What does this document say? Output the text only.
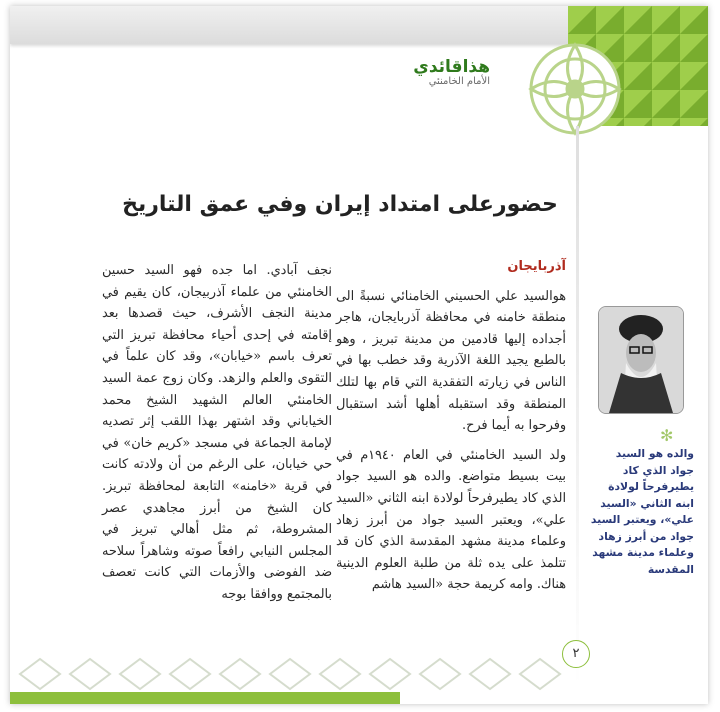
هذاقائدي
الأمام الخامنئي
حضورعلى امتداد إيران وفي عمق التاريخ
آذربايجان

هوالسيد علي الحسيني الخامنائي نسبةً الى منطقة خامنه في محافظة آذربايجان، هاجر أجداده إليها قادمين من مدينة تبريز ، وهو بالطبع يجيد اللغة الآذرية وقد خطب بها في الناس في زيارته التفقدية التي قام بها لتلك المنطقة وقد استقبله أهلها أشد استقبال وفرحوا به أيما فرح.

ولد السيد الخامنئي في العام ١٩٤٠م في بيت بسيط متواضع. والده هو السيد جواد الذي كاد يطيرفرحاً لولادة ابنه الثاني «السيد علي»، ويعتبر السيد جواد من أبرز زهاد وعلماء مدينة مشهد المقدسة الذي كان قد تتلمذ على يده ثلة من طلبة العلوم الدينية هناك. وامه كريمة حجة «السيد هاشم

نجف آبادي. اما جده فهو السيد حسين الخامنئي من علماء آذربيجان، كان يقيم في مدينة النجف الأشرف، حيث قصدها بعد إقامته في إحدى أحياء محافظة تبريز التي تعرف باسم «خيابان»، وقد كان علماً في التقوى والعلم والزهد. وكان زوج عمة السيد الخامنئي العالم الشهيد الشيخ محمد الخياباني وقد اشتهر بهذا اللقب إثر تصديه لإمامة الجماعة في مسجد «كريم خان» في حي خيابان، على الرغم من أن ولادته كانت في قرية «خامنه» التابعة لمحافظة تبريز. كان الشيخ من أبرز مجاهدي عصر المشروطة، ثم مثل أهالي تبريز في المجلس النيابي رافعاً صوته وشاهراً سلاحه ضد الفوضى والأزمات التي كانت تعصف بالمجتمع ووافقا بوجه

✻
والده هو السيد جواد الذي كاد يطيرفرحاً لولادة ابنه الثاني «السيد علي»، ويعتبر السيد جواد من أبرز زهاد وعلماء مدينة مشهد المقدسة
٢
